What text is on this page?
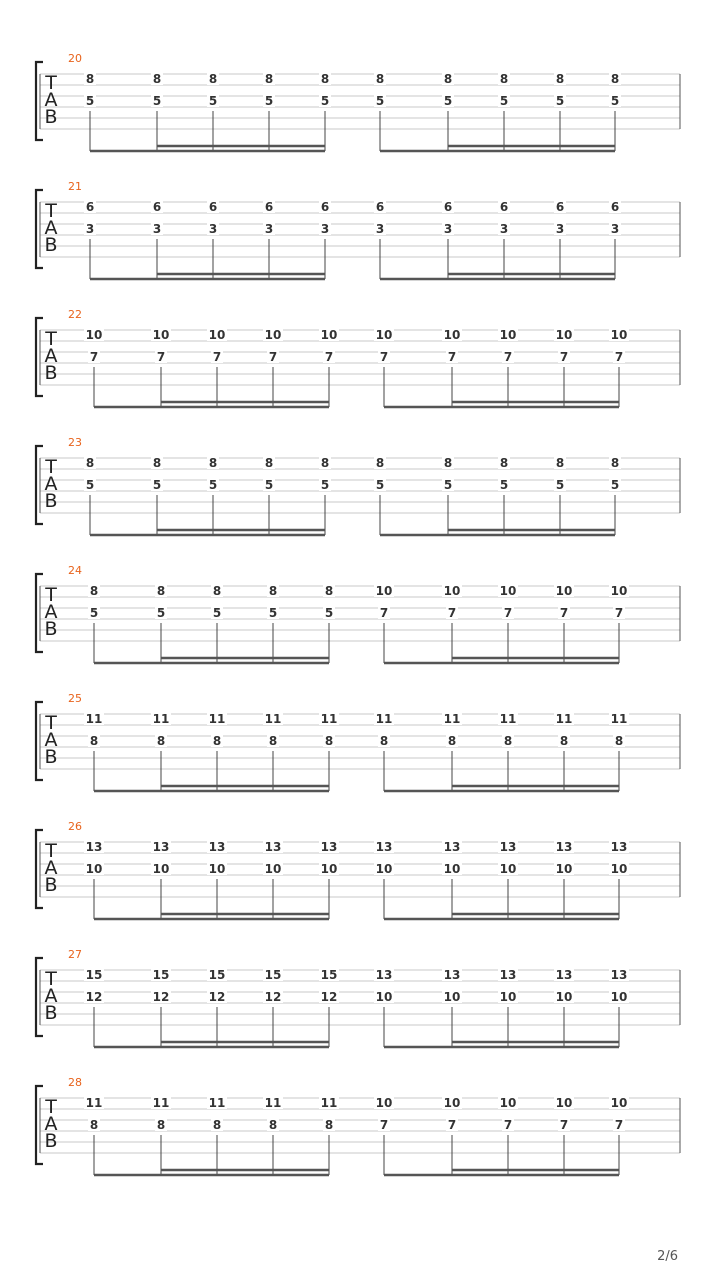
20
T
A
B
8
5
8
5
8
5
8
5
8
5
8
5
8
5
8
5
8
5
8
5
21
T
A
B
6
3
6
3
6
3
6
3
6
3
6
3
6
3
6
3
6
3
6
3
22
T
A
B
10
7
10
7
10
7
10
7
10
7
10
7
10
7
10
7
10
7
10
7
23
T
A
B
8
5
8
5
8
5
8
5
8
5
8
5
8
5
8
5
8
5
8
5
24
T
A
B
8
5
8
5
8
5
8
5
8
5
10
7
10
7
10
7
10
7
10
7
25
T
A
B
11
8
11
8
11
8
11
8
11
8
11
8
11
8
11
8
11
8
11
8
26
T
A
B
13
10
13
10
13
10
13
10
13
10
13
10
13
10
13
10
13
10
13
10
27
T
A
B
15
12
15
12
15
12
15
12
15
12
13
10
13
10
13
10
13
10
13
10
28
T
A
B
11
8
11
8
11
8
11
8
11
8
10
7
10
7
10
7
10
7
10
7
2/6
